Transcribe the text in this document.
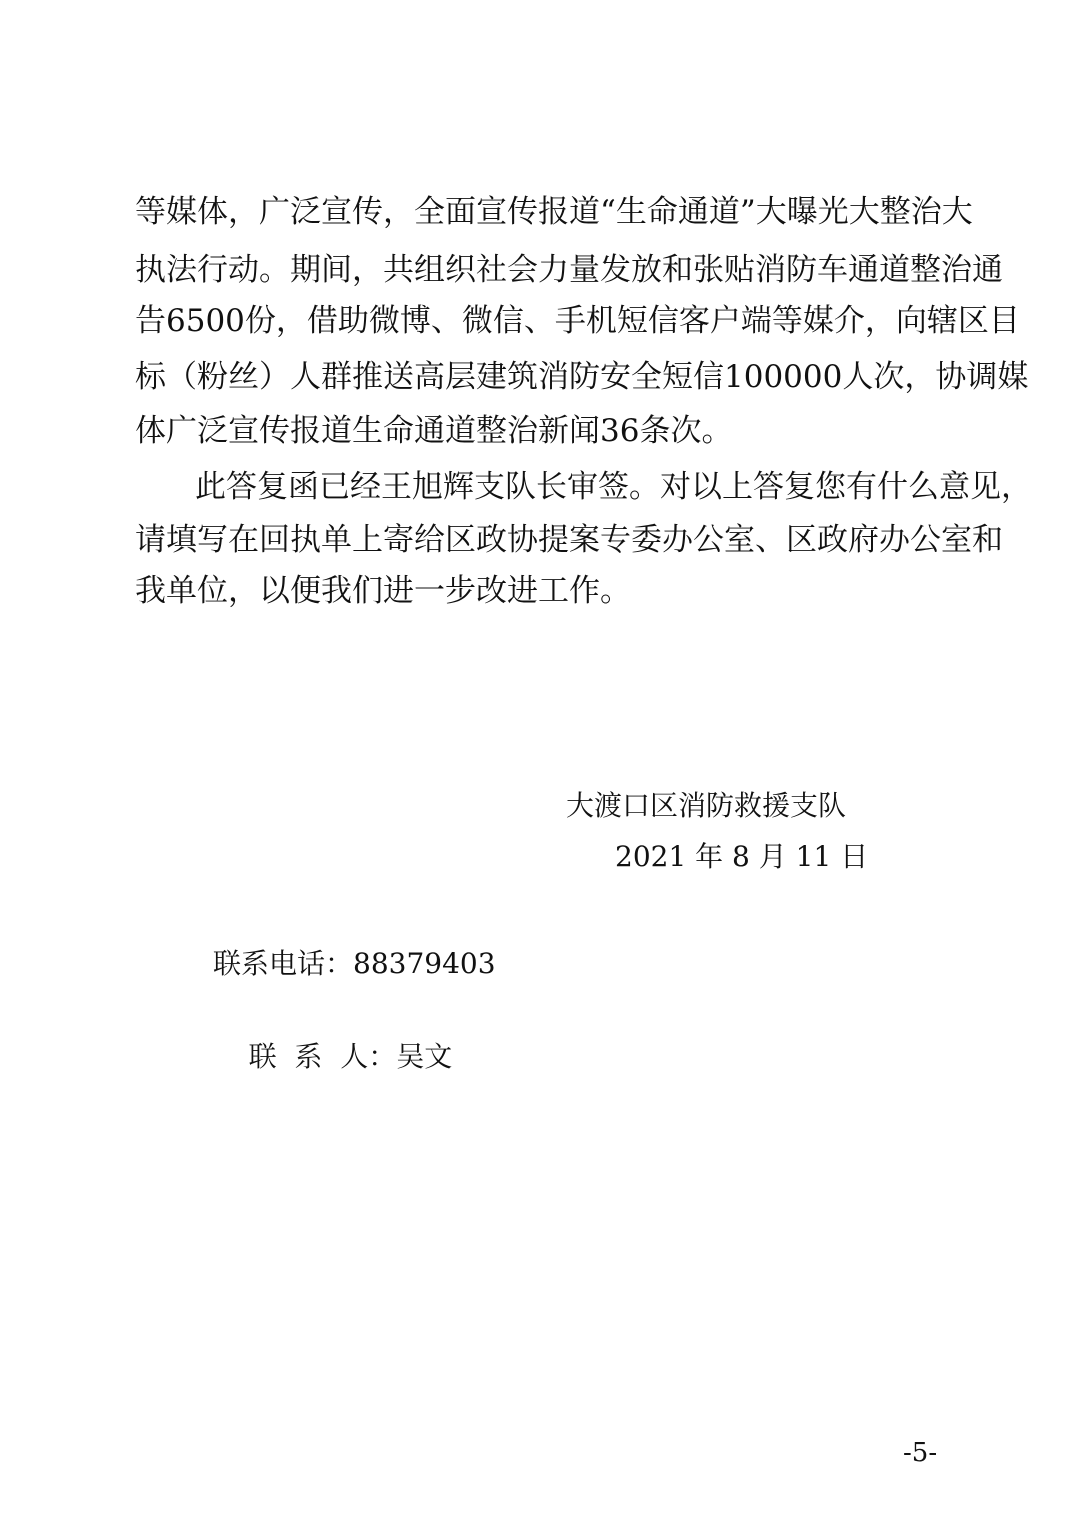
等媒体，广泛宣传，全面宣传报道“生命通道”大曝光大整治大
执法行动。期间，共组织社会力量发放和张贴消防车通道整治通
告6500份，借助微博、微信、手机短信客户端等媒介，向辖区目
标（粉丝）人群推送高层建筑消防安全短信100000人次，协调媒
体广泛宣传报道生命通道整治新闻36条次。
此答复函已经王旭辉支队长审签。对以上答复您有什么意见，
请填写在回执单上寄给区政协提案专委办公室、区政府办公室和
我单位，以便我们进一步改进工作。
大渡口区消防救援支队
2021 年 8 月 11 日
联系电话：88379403

联  系  人：吴文

-5-
